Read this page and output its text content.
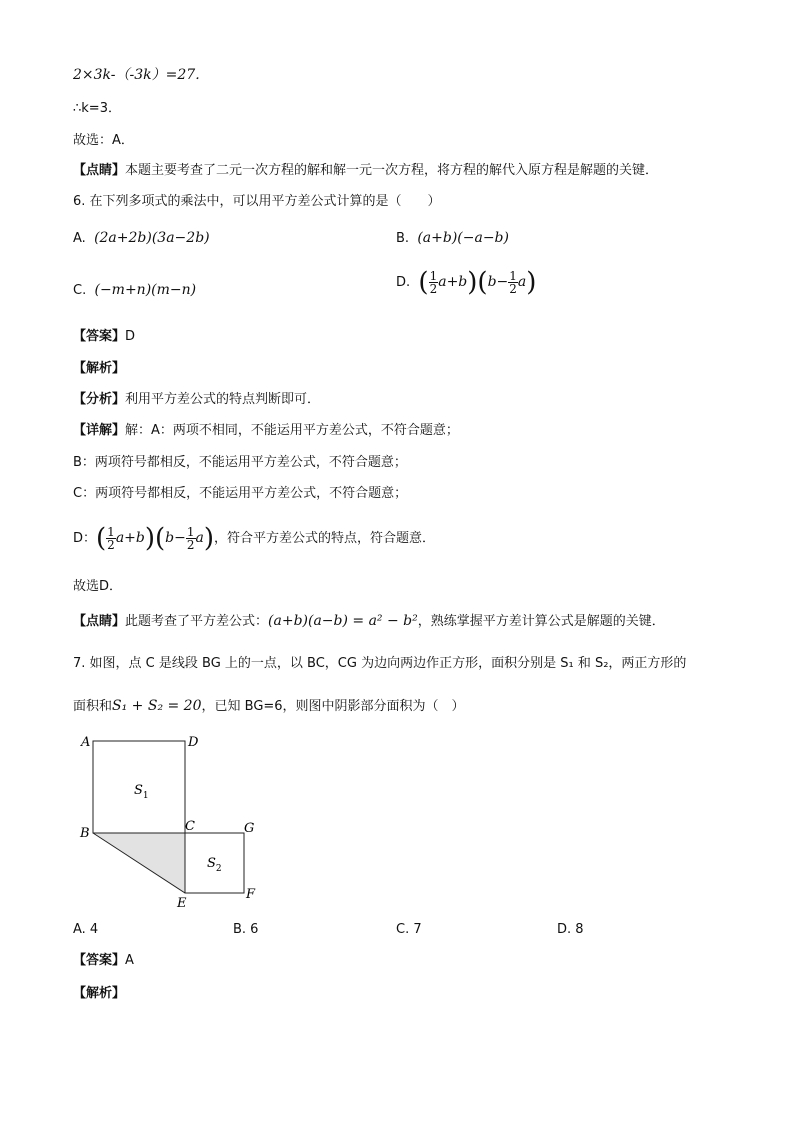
2×3k-（-3k）=27．
∴k=3．
故选：A．
【点睛】本题主要考查了二元一次方程的解和解一元一次方程，将方程的解代入原方程是解题的关键．
6. 在下列多项式的乘法中，可以用平方差公式计算的是（　　）
A. (2a+2b)(3a−2b)	B. (a+b)(−a−b)
C. (−m+n)(m−n)	D. ( $\frac{1}{2} a+b)(b- \frac{1}{2} a)$
【答案】D
【解析】
【分析】利用平方差公式的特点判断即可．
【详解】解：A：两项不相同，不能运用平方差公式，不符合题意；
B：两项符号都相反，不能运用平方差公式，不符合题意；
C：两项符号都相反，不能运用平方差公式，不符合题意；
D：( $\frac{1}{2} a+b)(b- \frac{1}{2} a)$，符合平方差公式的特点，符合题意．
故选D．
【点睛】此题考查了平方差公式：(a+b)(a−b) = a² − b²，熟练掌握平方差计算公式是解题的关键．
7. 如图，点 C 是线段 BG 上的一点，以 BC，CG 为边向两边作正方形，面积分别是 S₁ 和 S₂，两正方形的
面积和S₁ + S₂ = 20，已知 BG=6，则图中阴影部分面积为（　）
A	D
B	C	G
E
F
$S_1$
$S_2$
A. 4	B. 6	C. 7	D. 8
【答案】A
【解析】
